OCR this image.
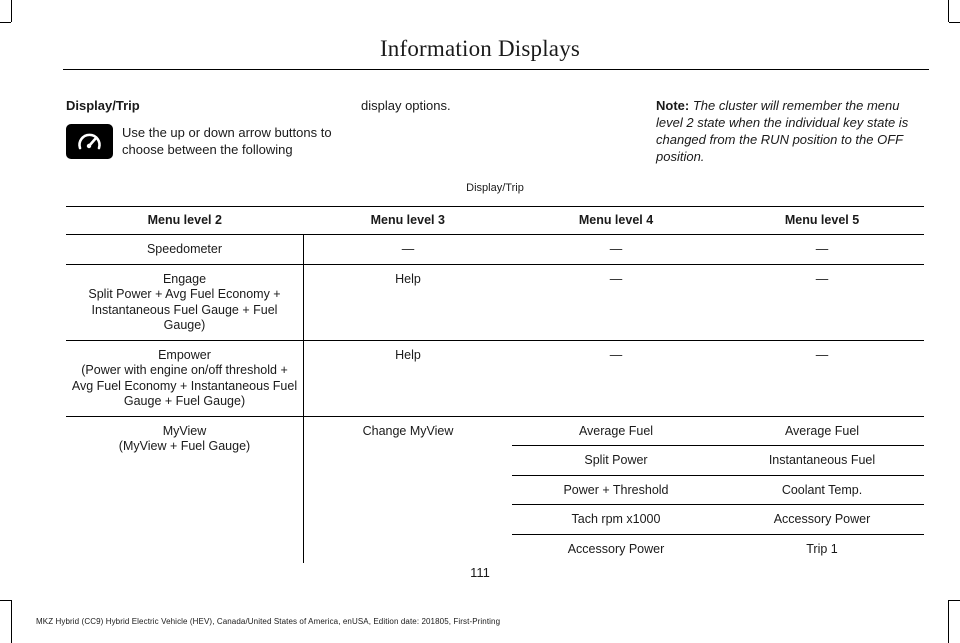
Information Displays
Display/Trip
Use the up or down arrow buttons to choose between the following
display options.	Note: The cluster will remember the menu level 2 state when the individual key state is changed from the RUN position to the OFF position.
Display/Trip			
Menu level 2	Menu level 3	Menu level 4	Menu level 5
Speedometer	—	—	—

Engage
Split Power + Avg Fuel Economy + Instantaneous Fuel Gauge + Fuel Gauge)	Help	—	—

Empower
(Power with engine on/off threshold + Avg Fuel Economy + Instantaneous Fuel Gauge + Fuel Gauge)	Help	—	—

MyView
(MyView + Fuel Gauge)	Change MyView	Average Fuel	Average Fuel
		Split Power	Instantaneous Fuel
		Power + Threshold	Coolant Temp.
		Tach rpm x1000	Accessory Power
		Accessory Power	Trip 1
111
MKZ Hybrid (CC9) Hybrid Electric Vehicle (HEV), Canada/United States of America, enUSA, Edition date: 201805, First-Printing
